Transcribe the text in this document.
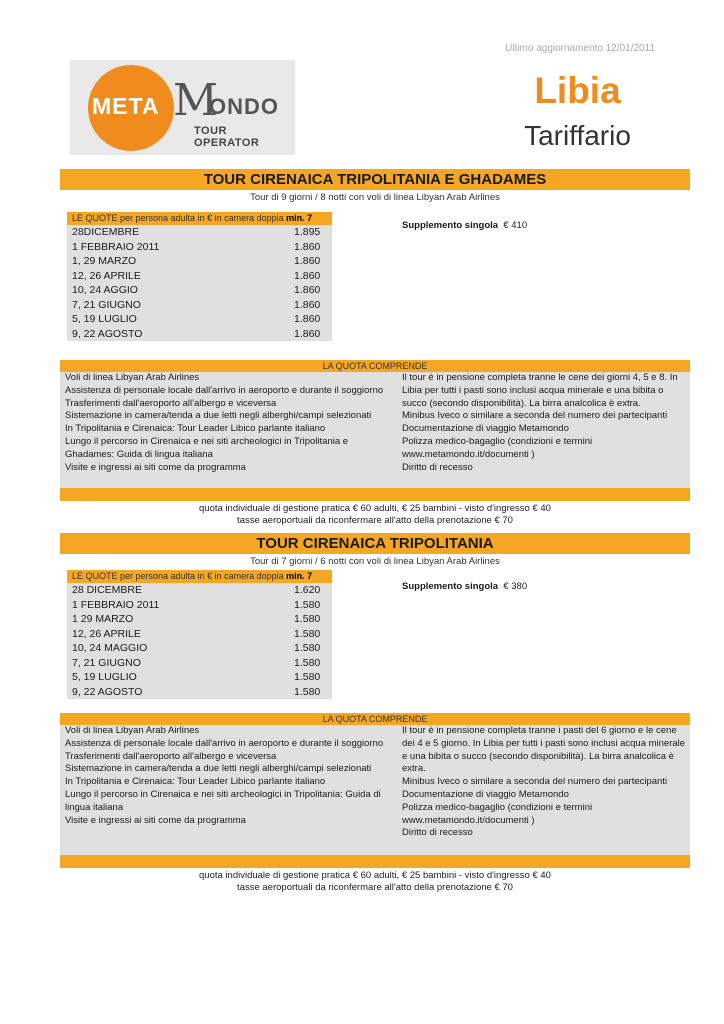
Ultimo aggiornamento 12/01/2011
META M
ONDO
TOUR OPERATOR
Libia
Tariffario
TOUR CIRENAICA TRIPOLITANIA E GHADAMES
Tour di 9 giorni / 8 notti con voli di linea Libyan Arab Airlines
LE QUOTE per persona adulta in € in camera doppia min. 7
28DICEMBRE	1.895
1 FEBBRAIO 2011	1.860
1, 29 MARZO	1.860
12, 26 APRILE	1.860
10, 24 AGGIO	1.860
7, 21 GIUGNO	1.860
5, 19 LUGLIO	1.860
9, 22 AGOSTO	1.860
Supplemento singola € 410
LA QUOTA COMPRENDE
Voli di linea Libyan Arab Airlines
Assistenza di personale locale dall'arrivo in aeroporto e durante il soggiorno
Trasferimenti dall'aeroporto all'albergo e viceversa
Sistemazione in camera/tenda a due letti negli alberghi/campi selezionati
In Tripolitania e Cirenaica: Tour Leader Libico parlante italiano
Lungo il percorso in Cirenaica e nei siti archeologici in Tripolitania e Ghadames: Guida di lingua italiana
Visite e ingressi ai siti come da programma
Il tour è in pensione completa tranne le cene dei giorni 4, 5 e 8. In Libia per tutti i pasti sono inclusi acqua minerale e una bibita o succo (secondo disponibilità). La birra analcolica è extra.
Minibus Iveco o similare a seconda del numero dei partecipanti
Documentazione di viaggio Metamondo
Polizza medico-bagaglio (condizioni e termini www.metamondo.it/documenti )
Diritto di recesso
quota individuale di gestione pratica € 60 adulti, € 25 bambini - visto d'ingresso € 40
tasse aeroportuali da riconfermare all'atto della prenotazione € 70
TOUR CIRENAICA TRIPOLITANIA
Tour di 7 giorni / 6 notti con voli di linea Libyan Arab Airlines
LE QUOTE per persona adulta in € in camera doppia min. 7
28 DICEMBRE	1.620
1 FEBBRAIO 2011	1.580
1 29 MARZO	1.580
12, 26 APRILE	1.580
10, 24 MAGGIO	1.580
7, 21 GIUGNO	1.580
5, 19 LUGLIO	1.580
9, 22 AGOSTO	1.580
Supplemento singola € 380
LA QUOTA COMPRENDE
Voli di linea Libyan Arab Airlines
Assistenza di personale locale dall'arrivo in aeroporto e durante il soggiorno
Trasferimenti dall'aeroporto all'albergo e viceversa
Sistemazione in camera/tenda a due letti negli alberghi/campi selezionati
In Tripolitania e Cirenaica: Tour Leader Libico parlante italiano
Lungo il percorso in Cirenaica e nei siti archeologici in Tripolitania: Guida di lingua italiana
Visite e ingressi ai siti come da programma
Il tour è in pensione completa tranne i pasti del 6 giorno e le cene dei 4 e 5 giorno. In Libia per tutti i pasti sono inclusi acqua minerale e una bibita o succo (secondo disponibilità). La birra analcolica è extra.
Minibus Iveco o similare a seconda del numero dei partecipanti
Documentazione di viaggio Metamondo
Polizza medico-bagaglio (condizioni e termini www.metamondo.it/documenti )
Diritto di recesso
quota individuale di gestione pratica € 60 adulti, € 25 bambini - visto d'ingresso € 40
tasse aeroportuali da riconfermare all'atto della prenotazione € 70
